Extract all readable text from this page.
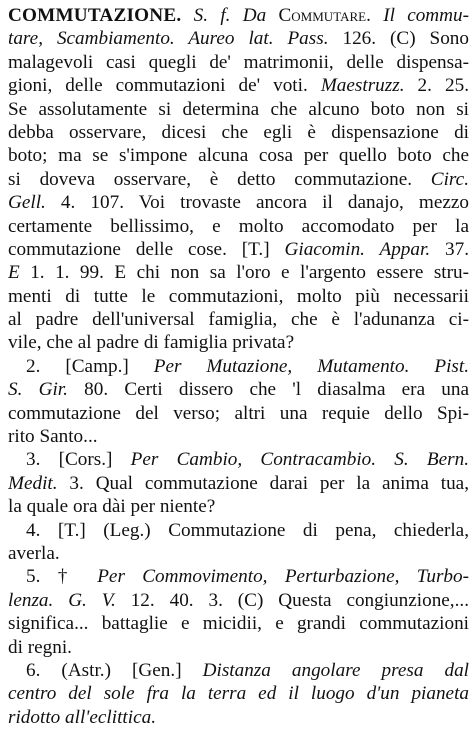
COMMUTAZIONE. S. f. Da Commutare. Il commu-
tare, Scambiamento. Aureo lat. Pass. 126. (C) Sono
malagevoli casi quegli de' matrimonii, delle dispensa-
gioni, delle commutazioni de' voti. Maestruzz. 2. 25.
Se assolutamente si determina che alcuno boto non si
debba osservare, dicesi che egli è dispensazione di
boto; ma se s'impone alcuna cosa per quello boto che
si doveva osservare, è detto commutazione. Circ.
Gell. 4. 107. Voi trovaste ancora il danajo, mezzo
certamente bellissimo, e molto accomodato per la
commutazione delle cose. [T.] Giacomin. Appar. 37.
E 1. 1. 99. E chi non sa l'oro e l'argento essere stru-
menti di tutte le commutazioni, molto più necessarii
al padre dell'universal famiglia, che è l'adunanza ci-
vile, che al padre di famiglia privata?
2. [Camp.] Per Mutazione, Mutamento. Pist.
S. Gir. 80. Certi dissero che 'l diasalma era una
commutazione del verso; altri una requie dello Spi-
rito Santo...
3. [Cors.] Per Cambio, Contracambio. S. Bern.
Medit. 3. Qual commutazione darai per la anima tua,
la quale ora dài per niente?
4. [T.] (Leg.) Commutazione di pena, chiederla,
averla.
5. † Per Commovimento, Perturbazione, Turbo-
lenza. G. V. 12. 40. 3. (C) Questa congiunzione,...
significa... battaglie e micidii, e grandi commutazioni
di regni.
6. (Astr.) [Gen.] Distanza angolare presa dal
centro del sole fra la terra ed il luogo d'un pianeta
ridotto all'eclittica.
